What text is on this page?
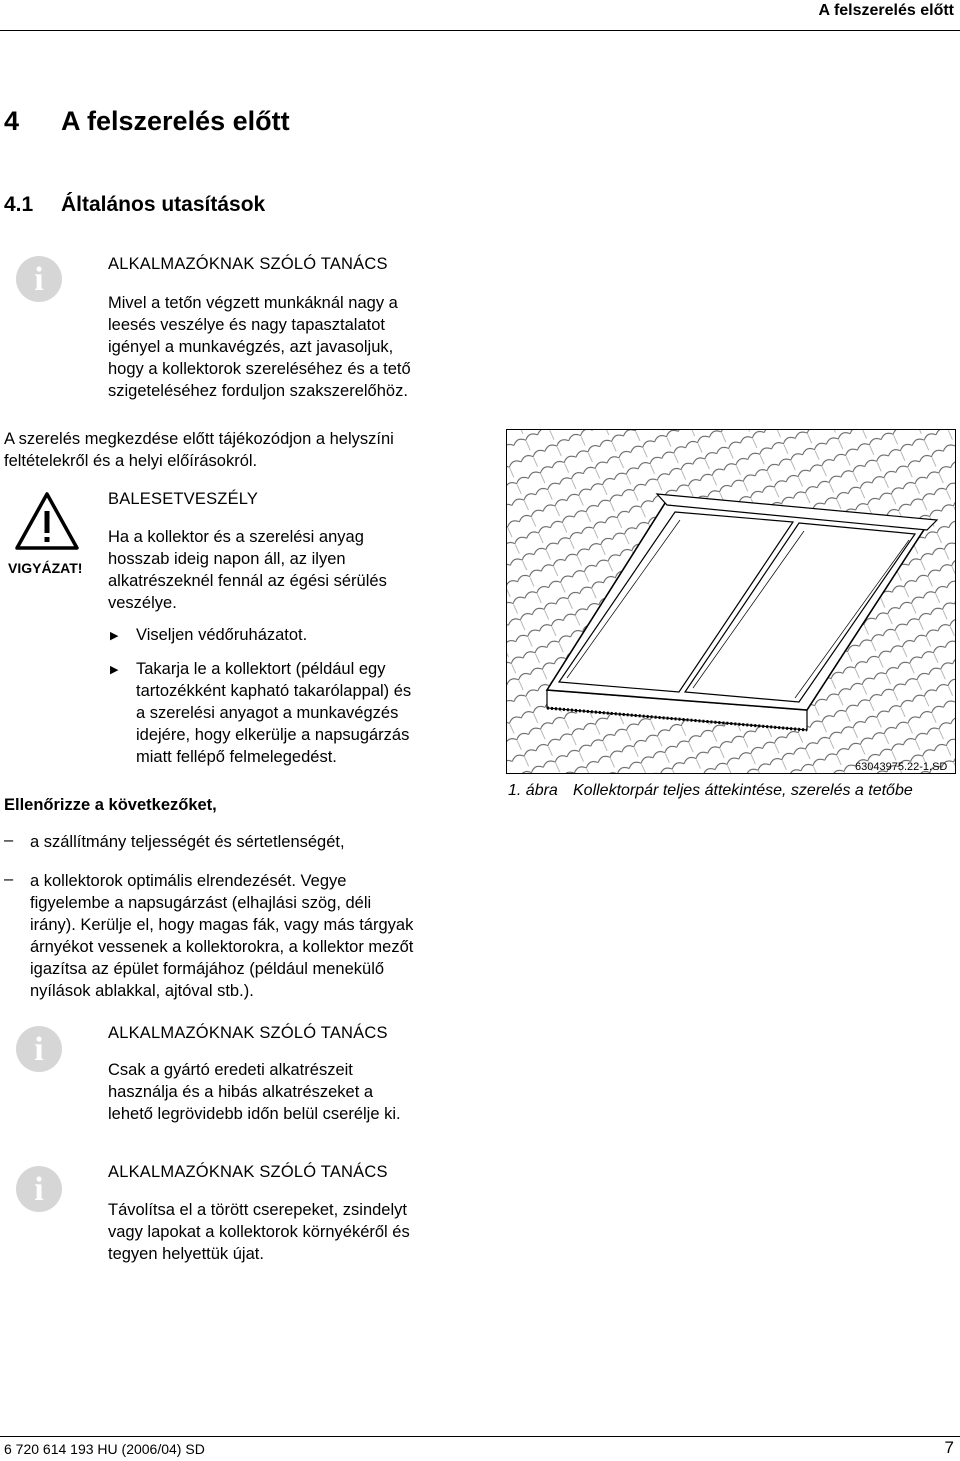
A felszerelés előtt
4 A felszerelés előtt
4.1 Általános utasítások
i	ALKALMAZÓKNAK SZÓLÓ TANÁCS
Mivel a tetőn végzett munkáknál nagy a
leesés veszélye és nagy tapasztalatot
igényel a munkavégzés, azt javasoljuk,
hogy a kollektorok szereléséhez és a tető
szigeteléséhez forduljon szakszerelőhöz.
A szerelés megkezdése előtt tájékozódjon a helyszíni
feltételekről és a helyi előírásokról.
VIGYÁZAT!
BALESETVESZÉLY
Ha a kollektor és a szerelési anyag
hosszab ideig napon áll, az ilyen
alkatrészeknél fennál az égési sérülés
veszélye.
▶ Viseljen védőruházatot.
▶ Takarja le a kollektort (például egy
tartozékként kapható takarólappal) és
a szerelési anyagot a munkavégzés
idejére, hogy elkerülje a napsugárzás
miatt fellépő felmelegedést.
Ellenőrizze a következőket,
– a szállítmány teljességét és sértetlenségét,
– a kollektorok optimális elrendezését. Vegye
figyelembe a napsugárzást (elhajlási szög, déli
irány). Kerülje el, hogy magas fák, vagy más tárgyak
árnyékot vessenek a kollektorokra, a kollektor mezőt
igazítsa az épület formájához (például menekülő
nyílások ablakkal, ajtóval stb.).
63043975.22-1.SD
1. ábra Kollektorpár teljes áttekintése, szerelés a tetőbe
i	ALKALMAZÓKNAK SZÓLÓ TANÁCS
Csak a gyártó eredeti alkatrészeit
használja és a hibás alkatrészeket a
lehető legrövidebb időn belül cserélje ki.
i	ALKALMAZÓKNAK SZÓLÓ TANÁCS
Távolítsa el a törött cserepeket, zsindelyt
vagy lapokat a kollektorok környékéről és
tegyen helyettük újat.
6 720 614 193 HU (2006/04) SD	7
